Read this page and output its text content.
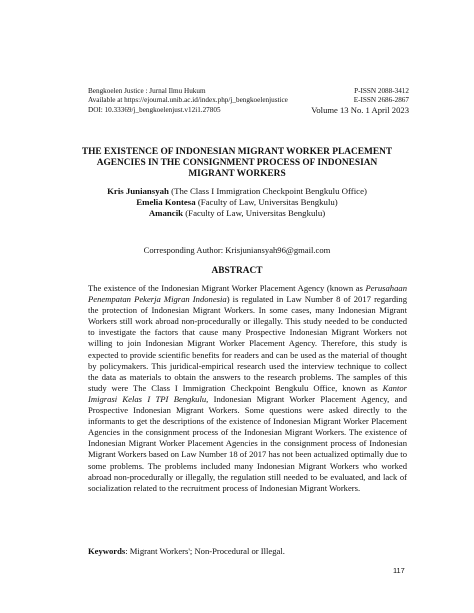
Bengkoelen Justice : Jurnal Ilmu Hukum	P-ISSN 2088-3412
Available at https://ejournal.unib.ac.id/index.php/j_bengkoelenjustice	E-ISSN 2686-2867
DOI: 10.33369/j_bengkoelenjust.v12i1.27805	Volume 13 No. 1 April 2023
THE EXISTENCE OF INDONESIAN MIGRANT WORKER PLACEMENT
AGENCIES IN THE CONSIGNMENT PROCESS OF INDONESIAN
MIGRANT WORKERS
Kris Juniansyah (The Class I Immigration Checkpoint Bengkulu Office)
Emelia Kontesa (Faculty of Law, Universitas Bengkulu)
Amancik (Faculty of Law, Universitas Bengkulu)
Corresponding Author: Krisjuniansyah96@gmail.com
ABSTRACT
The existence of the Indonesian Migrant Worker Placement Agency (known as Perusahaan Penempatan Pekerja Migran Indonesia) is regulated in Law Number 8 of 2017 regarding the protection of Indonesian Migrant Workers. In some cases, many Indonesian Migrant Workers still work abroad non-procedurally or illegally. This study needed to be conducted to investigate the factors that cause many Prospective Indonesian Migrant Workers not willing to join Indonesian Migrant Worker Placement Agency. Therefore, this study is expected to provide scientific benefits for readers and can be used as the material of thought by policymakers. This juridical-empirical research used the interview technique to collect the data as materials to obtain the answers to the research problems. The samples of this study were The Class I Immigration Checkpoint Bengkulu Office, known as Kantor Imigrasi Kelas I TPI Bengkulu, Indonesian Migrant Worker Placement Agency, and Prospective Indonesian Migrant Workers. Some questions were asked directly to the informants to get the descriptions of the existence of Indonesian Migrant Worker Placement Agencies in the consignment process of the Indonesian Migrant Workers. The existence of Indonesian Migrant Worker Placement Agencies in the consignment process of Indonesian Migrant Workers based on Law Number 18 of 2017 has not been actualized optimally due to some problems. The problems included many Indonesian Migrant Workers who worked abroad non-procedurally or illegally, the regulation still needed to be evaluated, and lack of socialization related to the recruitment process of Indonesian Migrant Workers.
Keywords: Migrant Workers'; Non-Procedural or Illegal.
117
